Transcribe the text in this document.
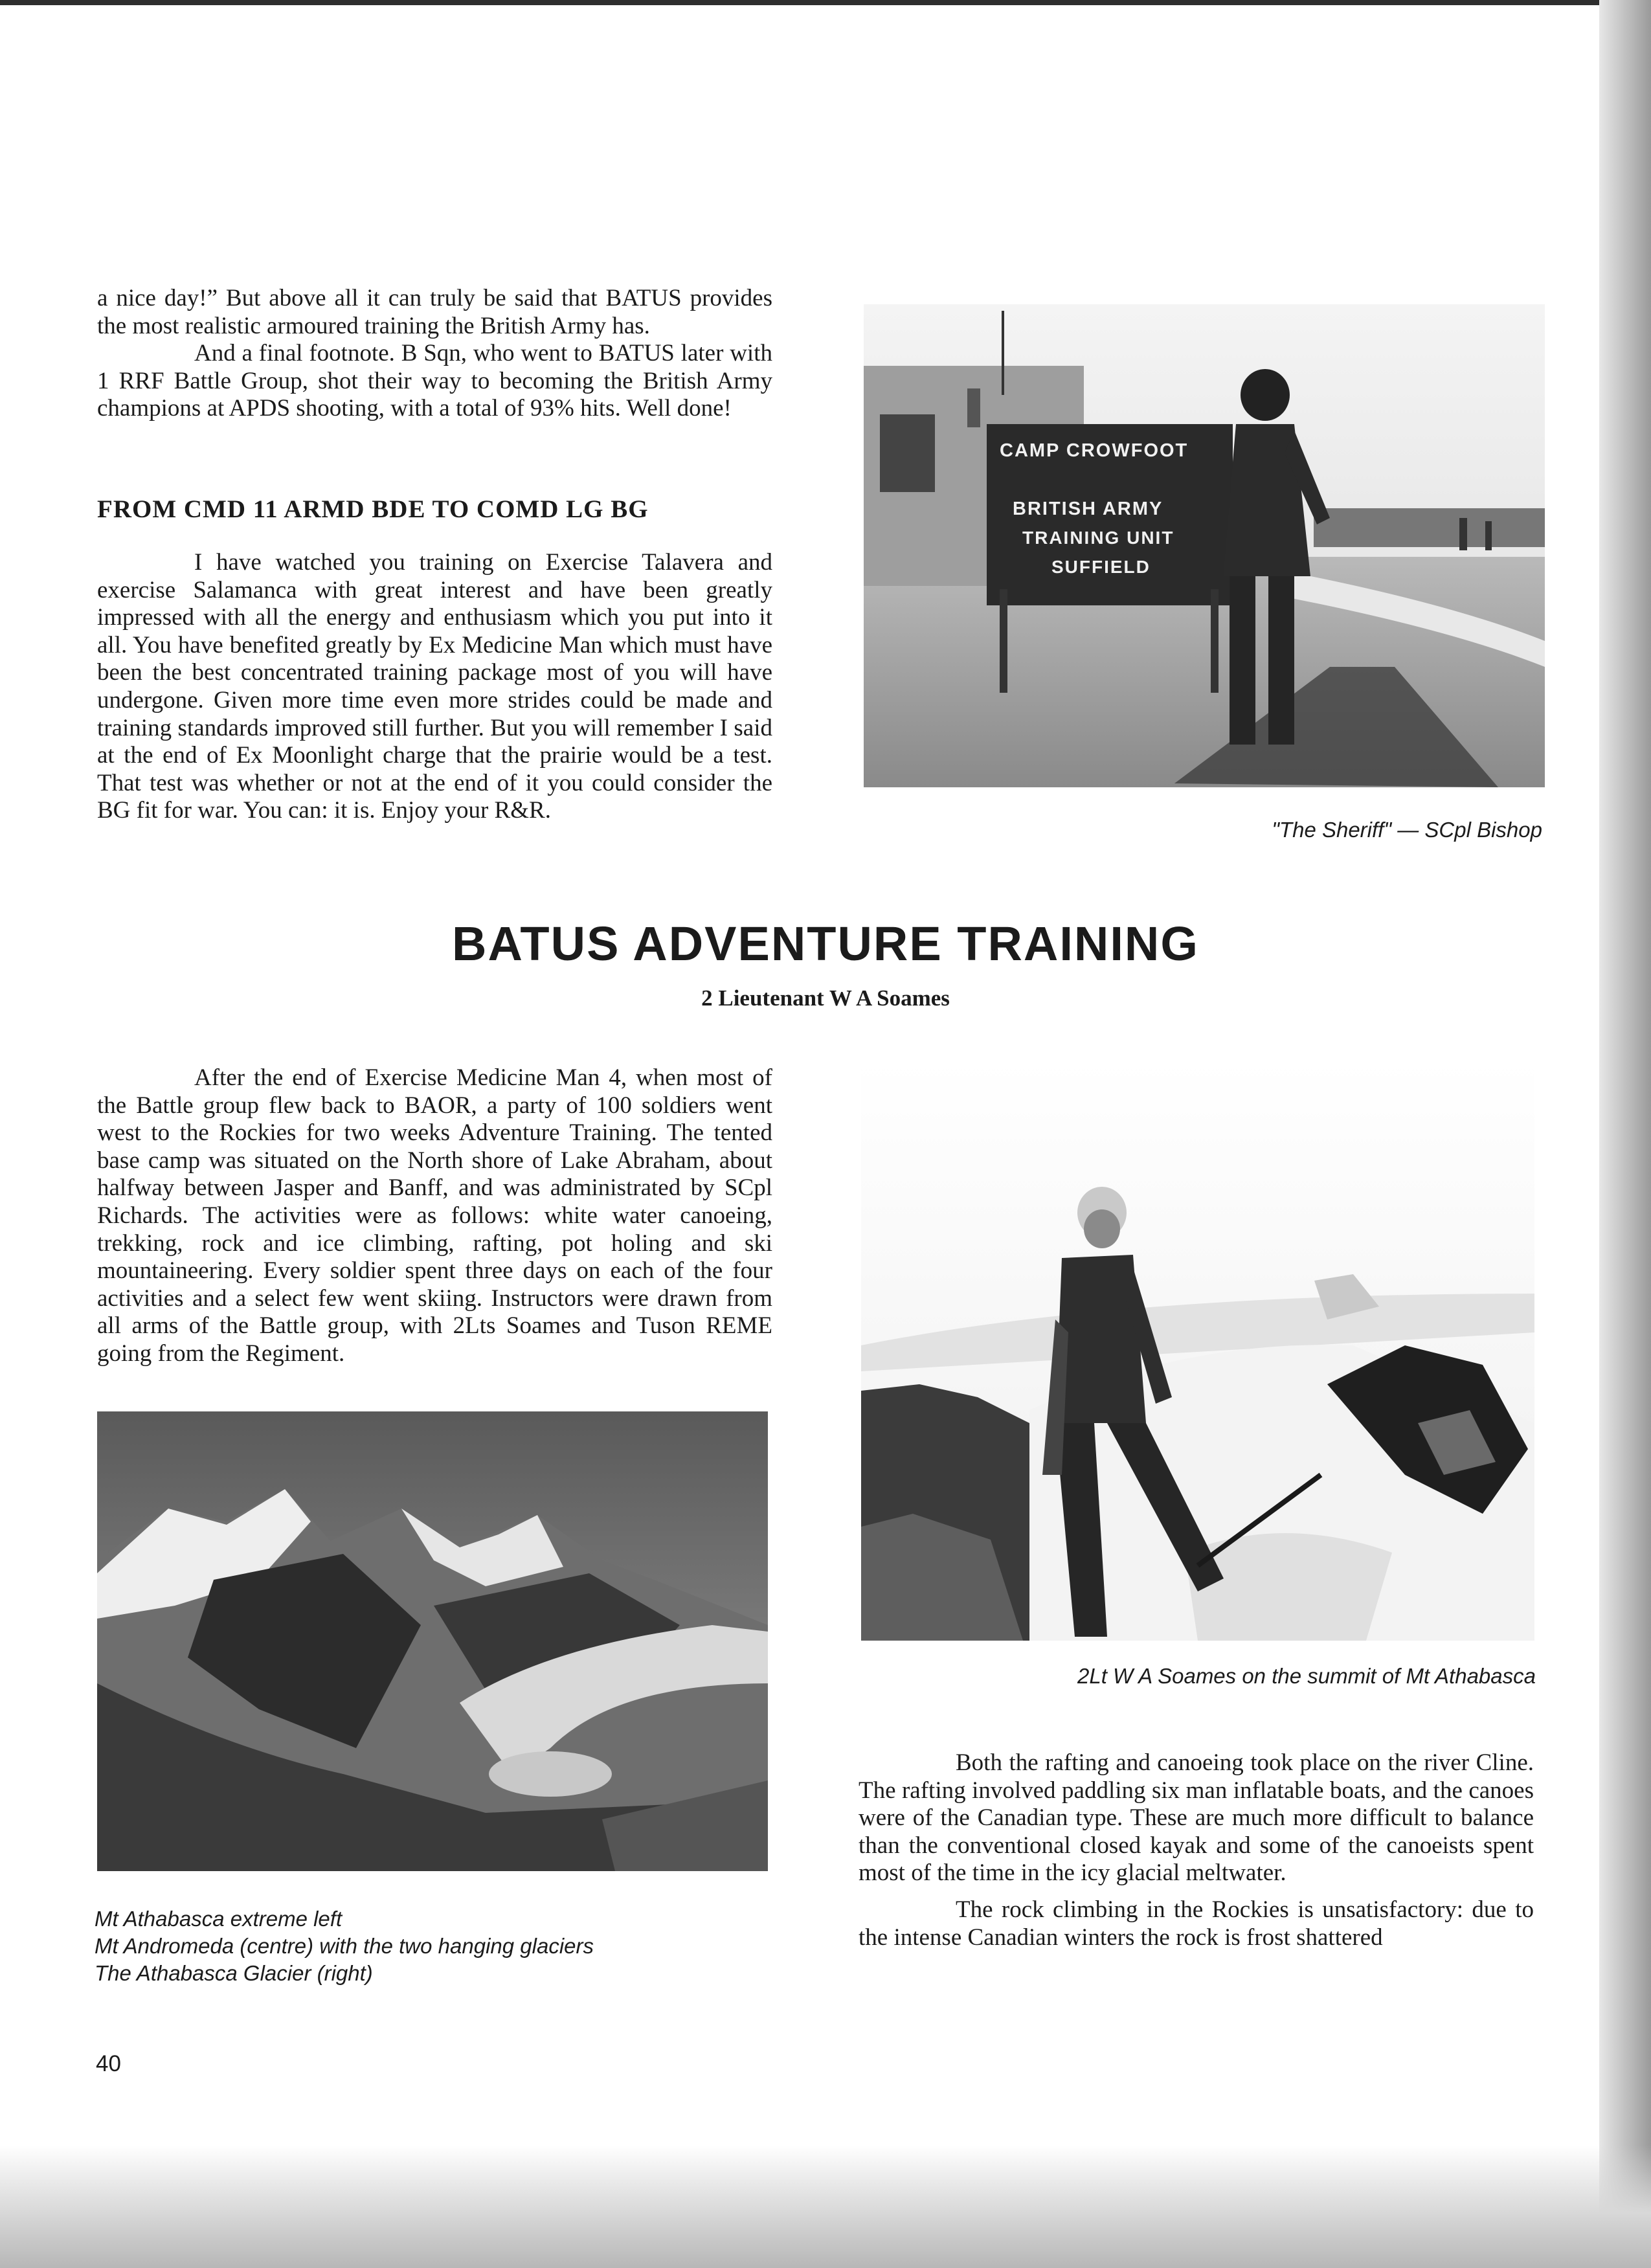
a nice day!” But above all it can truly be said that BATUS provides the most realistic armoured training the British Army has.

And a final footnote. B Sqn, who went to BATUS later with 1 RRF Battle Group, shot their way to becoming the British Army champions at APDS shooting, with a total of 93% hits. Well done!

FROM CMD 11 ARMD BDE TO COMD LG BG
I have watched you training on Exercise Talavera and exercise Salamanca with great interest and have been greatly impressed with all the energy and enthusiasm which you put into it all. You have benefited greatly by Ex Medicine Man which must have been the best concentrated training package most of you will have undergone. Given more time even more strides could be made and training standards improved still further. But you will remember I said at the end of Ex Moonlight charge that the prairie would be a test. That test was whether or not at the end of it you could consider the BG fit for war. You can: it is. Enjoy your R&R.
CAMP CROWFOOT
BRITISH ARMY
TRAINING UNIT
SUFFIELD
"The Sheriff" — SCpl Bishop
BATUS ADVENTURE TRAINING
2 Lieutenant W A Soames
After the end of Exercise Medicine Man 4, when most of the Battle group flew back to BAOR, a party of 100 soldiers went west to the Rockies for two weeks Adventure Training. The tented base camp was situated on the North shore of Lake Abraham, about halfway between Jasper and Banff, and was administrated by SCpl Richards. The activities were as follows: white water canoeing, trekking, rock and ice climbing, rafting, pot holing and ski mountaineering. Every soldier spent three days on each of the four activities and a select few went skiing. Instructors were drawn from all arms of the Battle group, with 2Lts Soames and Tuson REME going from the Regiment.
Mt Athabasca extreme left
Mt Andromeda (centre) with the two hanging glaciers
The Athabasca Glacier (right)
2Lt W A Soames on the summit of Mt Athabasca

Both the rafting and canoeing took place on the river Cline. The rafting involved paddling six man inflatable boats, and the canoes were of the Canadian type. These are much more difficult to balance than the conventional closed kayak and some of the canoeists spent most of the time in the icy glacial meltwater.

The rock climbing in the Rockies is unsatisfactory: due to the intense Canadian winters the rock is frost shattered

40
